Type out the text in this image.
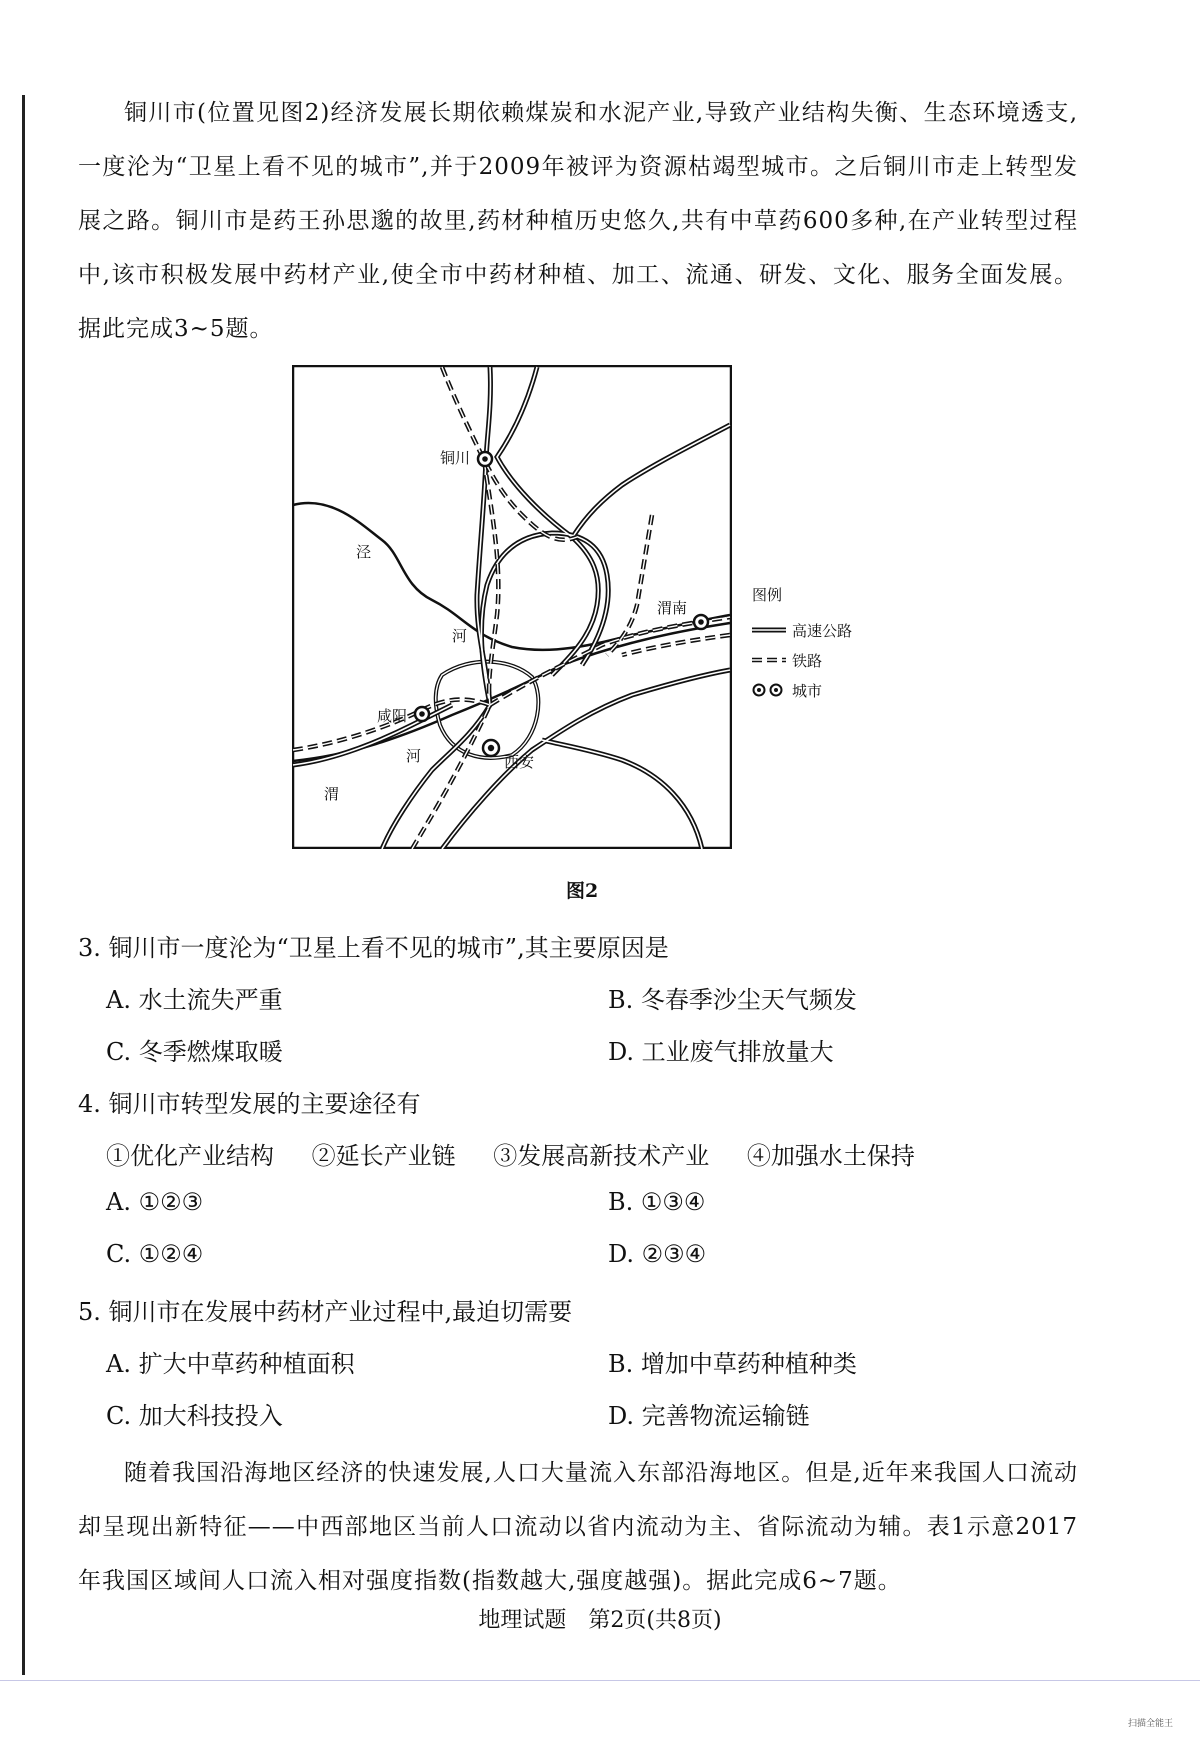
铜川市(位置见图2)经济发展长期依赖煤炭和水泥产业,导致产业结构失衡、生态环境透支,一度沦为“卫星上看不见的城市”,并于2009年被评为资源枯竭型城市。之后铜川市走上转型发展之路。铜川市是药王孙思邈的故里,药材种植历史悠久,共有中草药600多种,在产业转型过程中,该市积极发展中药材产业,使全市中药材种植、加工、流通、研发、文化、服务全面发展。据此完成3~5题。
铜川
泾
河
渭南
咸阳
河	西安
渭
图例
高速公路
铁路
城市
图2
3. 铜川市一度沦为“卫星上看不见的城市”,其主要原因是
A. 水土流失严重	B. 冬春季沙尘天气频发
C. 冬季燃煤取暖	D. 工业废气排放量大
4. 铜川市转型发展的主要途径有
①优化产业结构 ②延长产业链 ③发展高新技术产业 ④加强水土保持
A. ①②③	B. ①③④
C. ①②④	D. ②③④
5. 铜川市在发展中药材产业过程中,最迫切需要
A. 扩大中草药种植面积	B. 增加中草药种植种类
C. 加大科技投入	D. 完善物流运输链
随着我国沿海地区经济的快速发展,人口大量流入东部沿海地区。但是,近年来我国人口流动却呈现出新特征——中西部地区当前人口流动以省内流动为主、省际流动为辅。表1示意2017年我国区域间人口流入相对强度指数(指数越大,强度越强)。据此完成6~7题。
地理试题　第2页(共8页)
扫描全能王
